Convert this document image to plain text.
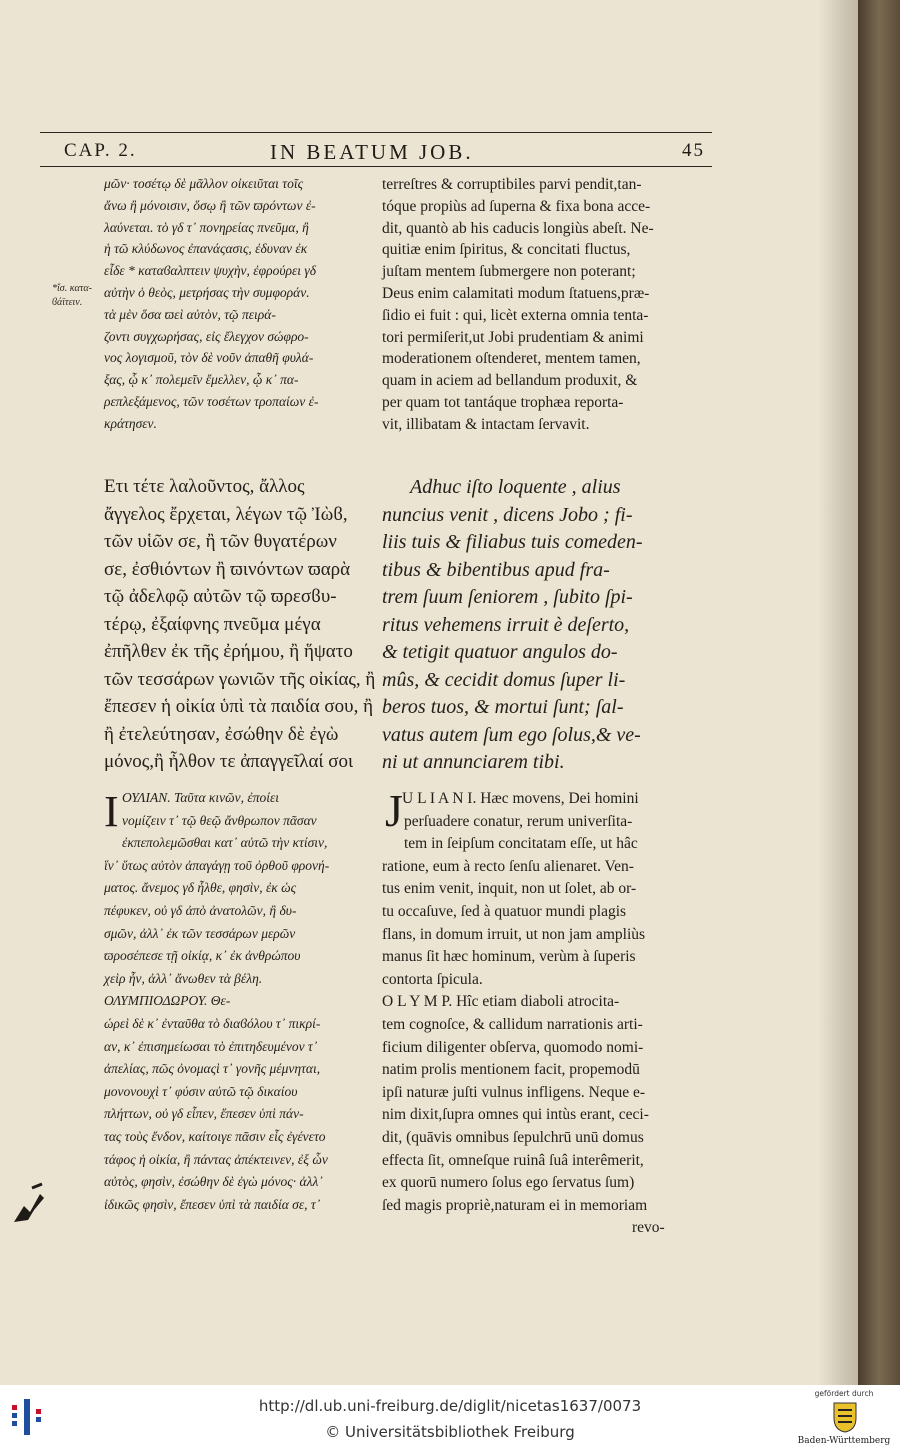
CAP. 2.	IN BEATUM JOB.	45
*ἴσ. κατα-
ϐάϊτειν.
μῶν· τοσέτῳ δὲ μᾶλλον οἰκειῦται τοῖς
ἄνω ἢ μόνοισιν, ὅσῳ ἢ τῶν ϖρόντων ἐ-
λαύνεται. τὸ γδ τ᾽ πονηρείας πνεῦμα, ἢ
ἡ τῶ κλύδωνος ἐπανάςασις, ἐδυναν ἐκ
εἶδε * καταϐαλπτειν ψυχὴν, ἐφρούρει γδ
αὐτὴν ὁ θεὸς, μετρήσας τὴν συμφοράν.
τὰ μὲν ὅσα ϖεὶ αὐτὸν, τῷ πειρά-
ζοντι συγχωρήσας, εἰς ἔλεγχον σώφρο-
νος λογισμοῦ, τὸν δὲ νοῦν ἀπαθῆ φυλά-
ξας, ᾧ κ᾽ πολεμεῖν ἔμελλεν, ᾧ κ᾽ πα-
ρεπλεξάμενος, τῶν τοσέτων τροπαίων ἐ-
κράτησεν.
terreſtres & corruptibiles parvi pendit,tan-
tóque propiùs ad ſuperna & fixa bona acce-
dit, quantò ab his caducis longiùs abeſt. Ne-
quitiæ enim ſpiritus, & concitati fluctus,
juſtam mentem ſubmergere non poterant;
Deus enim calamitati modum ſtatuens,præ-
ſidio ei fuit : qui, licèt externa omnia tenta-
tori permiſerit,ut Jobi prudentiam & animi
moderationem oſtenderet, mentem tamen,
quam in aciem ad bellandum produxit, &
per quam tot tantáque trophæa reporta-
vit, illibatam & intactam ſervavit.
Ετι τέτε λαλοῦντος, ἄλλος
ἄγγελος ἔρχεται, λέγων τῷ Ἰὼϐ,
τῶν υἱῶν σε, ἢ τῶν θυγατέρων
σε, ἐσθιόντων ἢ ϖινόντων ϖαρὰ
τῷ ἀδελφῷ αὐτῶν τῷ ϖρεσϐυ-
τέρῳ, ἐξαίφνης πνεῦμα μέγα
ἐπῆλθεν ἐκ τῆς ἐρήμου, ἢ ἥψατο
τῶν τεσσάρων γωνιῶν τῆς οἰκίας, ἢ
ἔπεσεν ἡ οἰκία ὑπὶ τὰ παιδία σου, ἢ
ἢ ἐτελεύτησαν, ἐσώθην δὲ ἐγὼ
μόνος,ἢ ἦλθον τε ἀπαγγεῖλαί σοι
Adhuc iſto loquente , alius
nuncius venit , dicens Jobo ; fi-
liis tuis & filiabus tuis comeden-
tibus & bibentibus apud fra-
trem ſuum ſeniorem , ſubito ſpi-
ritus vehemens irruit è deſerto,
& tetigit quatuor angulos do-
mûs, & cecidit domus ſuper li-
beros tuos, & mortui ſunt; ſal-
vatus autem ſum ego ſolus,& ve-
ni ut annunciarem tibi.
I ΟΥΛΙΑΝ. Ταῦτα κινῶν, ἐποίει
νομίζειν τ᾽ τῷ θεῷ ἄνθρωπον πᾶσαν
ἐκπεπολεμῶσθαι κατ᾽ αὐτῶ τὴν κτίσιν,
ἵν᾽ ὕτως αὐτὸν ἀπαγάγῃ τοῦ ὀρθοῦ φρονή-
ματος. ἄνεμος γδ ἦλθε, φησὶν, ἐκ ὡς
πέφυκεν, οὐ γδ ἀπὸ ἀνατολῶν, ἢ δυ-
σμῶν, ἀλλ᾽ ἐκ τῶν τεσσάρων μερῶν
ϖροσέπεσε τῇ οἰκίᾳ, κ᾽ ἐκ ἀνθρώπου
χεὶρ ἦν, ἀλλ᾽ ἄνωθεν τὰ βέλη.
ΟΛΥΜΠΙΟΔΩΡΟΥ. Θε-
ώρεὶ δὲ κ᾽ ἐνταῦθα τὸ διαϐόλου τ᾽ πικρί-
αν, κ᾽ ἐπισημείωσαι τὸ ἐπιτηδευμένον τ᾽
ἀπελίας, πῶς ὀνομαςὶ τ᾽ γονῆς μέμνηται,
μονονουχὶ τ᾽ φύσιν αὐτῶ τῷ δικαίου
πλήττων, οὐ γδ εἶπεν, ἔπεσεν ὑπὶ πάν-
τας τοὺς ἔνδον, καίτοιγε πᾶσιν εἷς ἐγένετο
τάφος ἡ οἰκία, ἢ πάντας ἀπέκτεινεν, ἐξ ὧν
αὐτὸς, φησὶν, ἐσώθην δὲ ἐγὼ μόνος· ἀλλ᾽
ἰδικῶς φησὶν, ἔπεσεν ὑπὶ τὰ παιδία σε, τ᾽
J U L I A N I. Hæc movens, Dei homini
perſuadere conatur, rerum univerſita-
tem in ſeipſum concitatam eſſe, ut hâc
ratione, eum à recto ſenſu alienaret. Ven-
tus enim venit, inquit, non ut ſolet, ab or-
tu occaſuve, ſed à quatuor mundi plagis
flans, in domum irruit, ut non jam ampliùs
manus ſit hæc hominum, verùm à ſuperis
contorta ſpicula.
O L Y M P. Hîc etiam diaboli atrocita-
tem cognoſce, & callidum narrationis arti-
ficium diligenter obſerva, quomodo nomi-
natim prolis mentionem facit, propemodū
ipſi naturæ juſti vulnus infligens. Neque e-
nim dixit,ſupra omnes qui intùs erant, ceci-
dit, (quāvis omnibus ſepulchrū unū domus
effecta ſit, omneſque ruinâ ſuâ interêmerit,
ex quorū numero ſolus ego ſervatus ſum)
ſed magis propriè,naturam ei in memoriam
revo-
http://dl.ub.uni-freiburg.de/diglit/nicetas1637/0073
© Universitätsbibliothek Freiburg
gefördert durch
Baden-Württemberg
